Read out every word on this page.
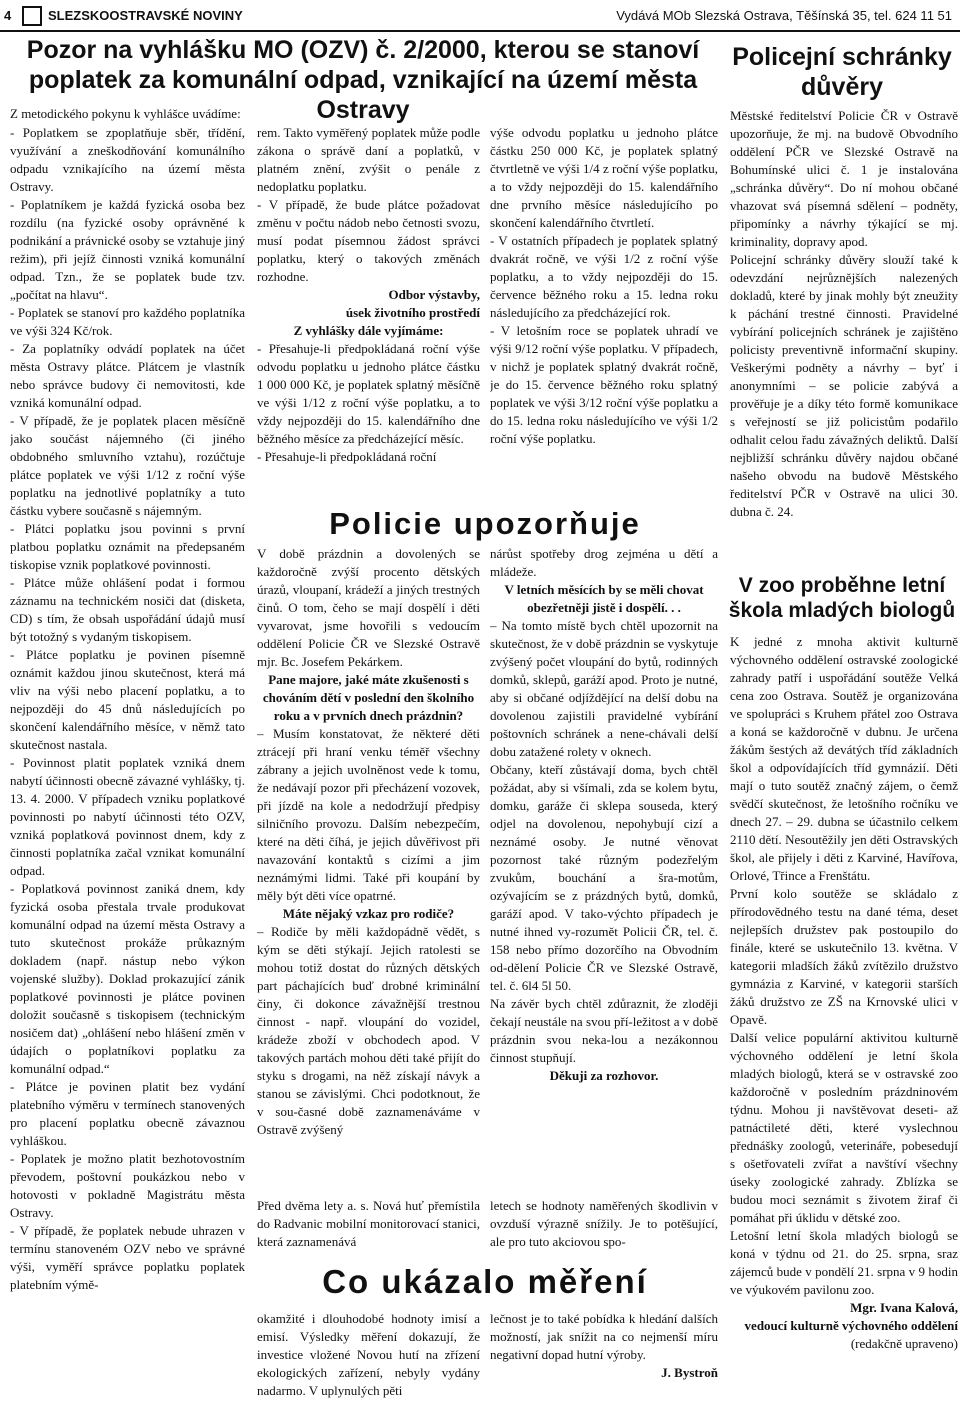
4	SLEZSKOOSTRAVSKÉ NOVINY	Vydává MOb Slezská Ostrava, Těšínská 35, tel. 624 11 51
Pozor na vyhlášku MO (OZV) č. 2/2000, kterou se stanoví poplatek za komunální odpad, vznikající na území města Ostravy
Z metodického pokynu k vyhlášce uvádíme:

- Poplatkem se zpoplatňuje sběr, třídění, využívání a zneškodňování komunálního odpadu vznikajícího na území města Ostravy.

- Poplatníkem je každá fyzická osoba bez rozdílu (na fyzické osoby oprávněné k podnikání a právnické osoby se vztahuje jiný režim), při jejíž činnosti vzniká komunální odpad. Tzn., že se poplatek bude tzv. „počítat na hlavu“.

- Poplatek se stanoví pro každého poplatníka ve výši 324 Kč/rok.

- Za poplatníky odvádí poplatek na účet města Ostravy plátce. Plátcem je vlastník nebo správce budovy či nemovitosti, kde vzniká komunální odpad.

- V případě, že je poplatek placen měsíčně jako součást nájemného (či jiného obdobného smluvního vztahu), rozúčtuje plátce poplatek ve výši 1/12 z roční výše poplatku na jednotlivé poplatníky a tuto částku vybere současně s nájemným.

- Plátci poplatku jsou povinni s první platbou poplatku oznámit na předepsaném tiskopise vznik poplatkové povinnosti.

- Plátce může ohlášení podat i formou záznamu na technickém nosiči dat (disketa, CD) s tím, že obsah uspořádání údajů musí být totožný s vydaným tiskopisem.

- Plátce poplatku je povinen písemně oznámit každou jinou skutečnost, která má vliv na výši nebo placení poplatku, a to nejpozději do 45 dnů následujících po skončení kalendářního měsíce, v němž tato skutečnost nastala.

- Povinnost platit poplatek vzniká dnem nabytí účinnosti obecně závazné vyhlášky, tj. 13. 4. 2000. V případech vzniku poplatkové povinnosti po nabytí účinnosti této OZV, vzniká poplatková povinnost dnem, kdy z činnosti poplatníka začal vznikat komunální odpad.

- Poplatková povinnost zaniká dnem, kdy fyzická osoba přestala trvale produkovat komunální odpad na území města Ostravy a tuto skutečnost prokáže průkazným dokladem (např. nástup nebo výkon vojenské služby). Doklad prokazující zánik poplatkové povinnosti je plátce povinen doložit současně s tiskopisem (technickým nosičem dat) „ohlášení nebo hlášení změn v údajích o poplatníkovi poplatku za komunální odpad.“

- Plátce je povinen platit bez vydání platebního výměru v termínech stanovených pro placení poplatku obecně závaznou vyhláškou.

- Poplatek je možno platit bezhotovostním převodem, poštovní poukázkou nebo v hotovosti v pokladně Magistrátu města Ostravy.

- V případě, že poplatek nebude uhrazen v termínu stanoveném OZV nebo ve správné výši, vyměří správce poplatku poplatek platebním výmě-

rem. Takto vyměřený poplatek může podle zákona o správě daní a poplatků, v platném znění, zvýšit o penále z nedoplatku poplatku.

- V případě, že bude plátce požadovat změnu v počtu nádob nebo četnosti svozu, musí podat písemnou žádost správci poplatku, který o takových změnách rozhodne.

Odbor výstavby,

úsek životního prostředí

Z vyhlášky dále vyjímáme:

- Přesahuje-li předpokládaná roční výše odvodu poplatku u jednoho plátce částku 1 000 000 Kč, je poplatek splatný měsíčně ve výši 1/12 z roční výše poplatku, a to vždy nejpozději do 15. kalendářního dne běžného měsíce za předcházející měsíc.

- Přesahuje-li předpokládaná roční

výše odvodu poplatku u jednoho plátce částku 250 000 Kč, je poplatek splatný čtvrtletně ve výši 1/4 z roční výše poplatku, a to vždy nejpozději do 15. kalendářního dne prvního měsíce následujícího po skončení kalendářního čtvrtletí.

- V ostatních případech je poplatek splatný dvakrát ročně, ve výši 1/2 z roční výše poplatku, a to vždy nejpozději do 15. července běžného roku a 15. ledna roku následujícího za předcházející rok.

- V letošním roce se poplatek uhradí ve výši 9/12 roční výše poplatku. V případech, v nichž je poplatek splatný dvakrát ročně, je do 15. července běžného roku splatný poplatek ve výši 3/12 roční výše poplatku a do 15. ledna roku následujícího ve výši 1/2 roční výše poplatku.

Policejní schránky důvěry

Městské ředitelství Policie ČR v Ostravě upozorňuje, že mj. na budově Obvodního oddělení PČR ve Slezské Ostravě na Bohumínské ulici č. 1 je instalována „schránka důvěry“. Do ní mohou občané vhazovat svá písemná sdělení – podněty, připomínky a návrhy týkající se mj. kriminality, dopravy apod.

Policejní schránky důvěry slouží také k odevzdání nejrůznějších nalezených dokladů, které by jinak mohly být zneužity k páchání trestné činnosti. Pravidelné vybírání policejních schránek je zajištěno policisty preventivně informační skupiny. Veškerými podněty a návrhy – byť i anonymními – se policie zabývá a prověřuje je a díky této formě komunikace s veřejností se již policistům podařilo odhalit celou řadu závažných deliktů. Další nejbližší schránku důvěry najdou občané našeho obvodu na budově Městského ředitelství PČR v Ostravě na ulici 30. dubna č. 24.

Policie upozorňuje

V době prázdnin a dovolených se každoročně zvýší procento dětských úrazů, vloupaní, krádeží a jiných trestných činů. O tom, čeho se mají dospělí i děti vyvarovat, jsme hovořili s vedoucím oddělení Policie ČR ve Slezské Ostravě mjr. Bc. Josefem Pekárkem.

Pane majore, jaké máte zkušenosti s chováním dětí v poslední den školního roku a v prvních dnech prázdnin?

– Musím konstatovat, že některé děti ztrácejí při hraní venku téměř všechny zábrany a jejich uvolněnost vede k tomu, že nedávají pozor při přecházení vozovek, při jízdě na kole a nedodržují předpisy silničního provozu. Dalším nebezpečím, které na děti číhá, je jejich důvěřivost při navazování kontaktů s cizími a jim neznámými lidmi. Také při koupání by měly být děti více opatrné.

Máte nějaký vzkaz pro rodiče?

– Rodiče by měli každopádně vědět, s kým se děti stýkají. Jejich ratolesti se mohou totiž dostat do různých dětských part páchajících buď drobné kriminální činy, či dokonce závažnější trestnou činnost - např. vloupání do vozidel, krádeže zboží v obchodech apod. V takových partách mohou děti také přijít do styku s drogami, na něž získají návyk a stanou se závislými. Chci podotknout, že v sou-časné době zaznamenáváme v Ostravě zvýšený

nárůst spotřeby drog zejména u dětí a mládeže.

V letních měsících by se měli chovat obezřetněji jistě i dospělí. . .

– Na tomto místě bych chtěl upozornit na skutečnost, že v době prázdnin se vyskytuje zvýšený počet vloupání do bytů, rodinných domků, sklepů, garáží apod. Proto je nutné, aby si občané odjíždějící na delší dobu na dovolenou zajistili pravidelné vybírání poštovních schránek a nene-chávali delší dobu zatažené rolety v oknech.

Občany, kteří zůstávají doma, bych chtěl požádat, aby si všímali, zda se kolem bytu, domku, garáže či sklepa souseda, který odjel na dovolenou, nepohybují cizí a neznámé osoby. Je nutné věnovat pozornost také různým podezřelým zvukům, bouchání a šra-motům, ozývajícím se z prázdných bytů, domků, garáží apod. V tako-výchto případech je nutné ihned vy-rozumět Policii ČR, tel. č. 158 nebo přímo dozorčího na Obvodním od-dělení Policie ČR ve Slezské Ostravě, tel. č. 6l4 5l 50.

Na závěr bych chtěl zdůraznit, že zloději čekají neustále na svou pří-ležitost a v době prázdnin svou neka-lou a nezákonnou činnost stupňují.

Děkuji za rozhovor.

Před dvěma lety a. s. Nová huť přemístila do Radvanic mobilní monitorovací stanici, která zaznamenává

letech se hodnoty naměřených škodlivin v ovzduší výrazně snížily. Je to potěšující, ale pro tuto akciovou spo-

Co ukázalo měření

okamžité i dlouhodobé hodnoty imisí a emisí. Výsledky měření dokazují, že investice vložené Novou hutí na zřízení ekologických zařízení, nebyly vydány nadarmo. V uplynulých pěti

lečnost je to také pobídka k hledání dalších možností, jak snížit na co nejmenší míru negativní dopad hutní výroby.

J. Bystroň

V zoo proběhne letní škola mladých biologů

K jedné z mnoha aktivit kulturně výchovného oddělení ostravské zoologické zahrady patří i uspořádání soutěže Velká cena zoo Ostrava. Soutěž je organizována ve spolupráci s Kruhem přátel zoo Ostrava a koná se každoročně v dubnu. Je určena žákům šestých až devátých tříd základních škol a odpovídajících tříd gymnázií. Děti mají o tuto soutěž značný zájem, o čemž svědčí skutečnost, že letošního ročníku ve dnech 27. – 29. dubna se účastnilo celkem 2110 dětí. Nesoutěžily jen děti Ostravských škol, ale přijely i děti z Karviné, Havířova, Orlové, Třince a Frenštátu.

První kolo soutěže se skládalo z přírodovědného testu na dané téma, deset nejlepších družstev pak postoupilo do finále, které se uskutečnilo 13. května. V kategorii mladších žáků zvítězilo družstvo gymnázia z Karviné, v kategorii starších žáků družstvo ze ZŠ na Krnovské ulici v Opavě.

Další velice populární aktivitou kulturně výchovného oddělení je letní škola mladých biologů, která se v ostravské zoo každoročně v posledním prázdninovém týdnu. Mohou ji navštěvovat deseti- až patnáctileté děti, které vyslechnou přednášky zoologů, veterináře, pobesedují s ošetřovateli zvířat a navštíví všechny úseky zoologické zahrady. Zblízka se budou moci seznámit s životem žiraf či pomáhat při úklidu v dětské zoo.

Letošní letní škola mladých biologů se koná v týdnu od 21. do 25. srpna, sraz zájemců bude v pondělí 21. srpna v 9 hodin ve výukovém pavilonu zoo.

Mgr. Ivana Kalová,

vedoucí kulturně výchovného oddělení

(redakčně upraveno)
